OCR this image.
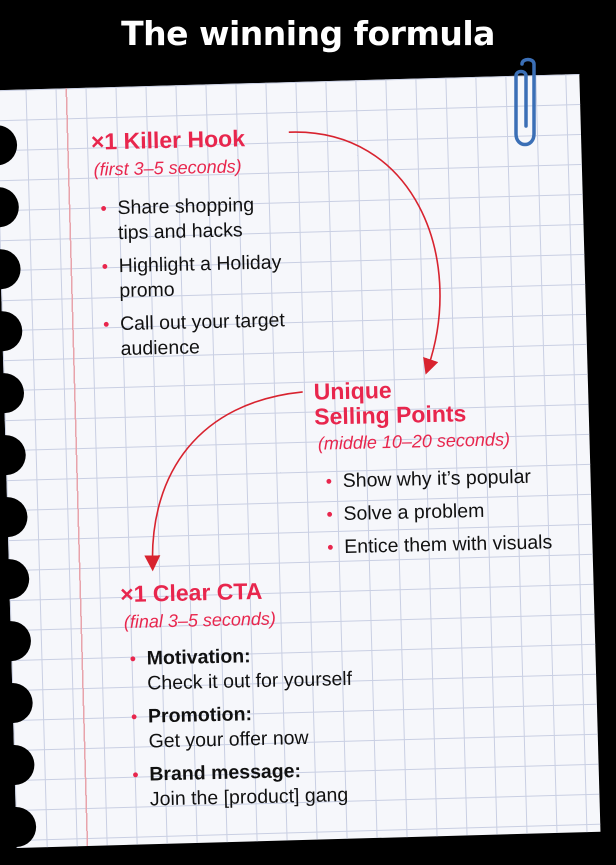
The winning formula
×1 Killer Hook
(first 3–5 seconds)
• Share shopping tips and hacks
• Highlight a Holiday promo
• Call out your target audience
Unique
Selling Points
(middle 10–20 seconds)
• Show why it’s popular
• Solve a problem
• Entice them with visuals
×1 Clear CTA
(final 3–5 seconds)
• Motivation:
Check it out for yourself
• Promotion:
Get your offer now
• Brand message:
Join the [product] gang
